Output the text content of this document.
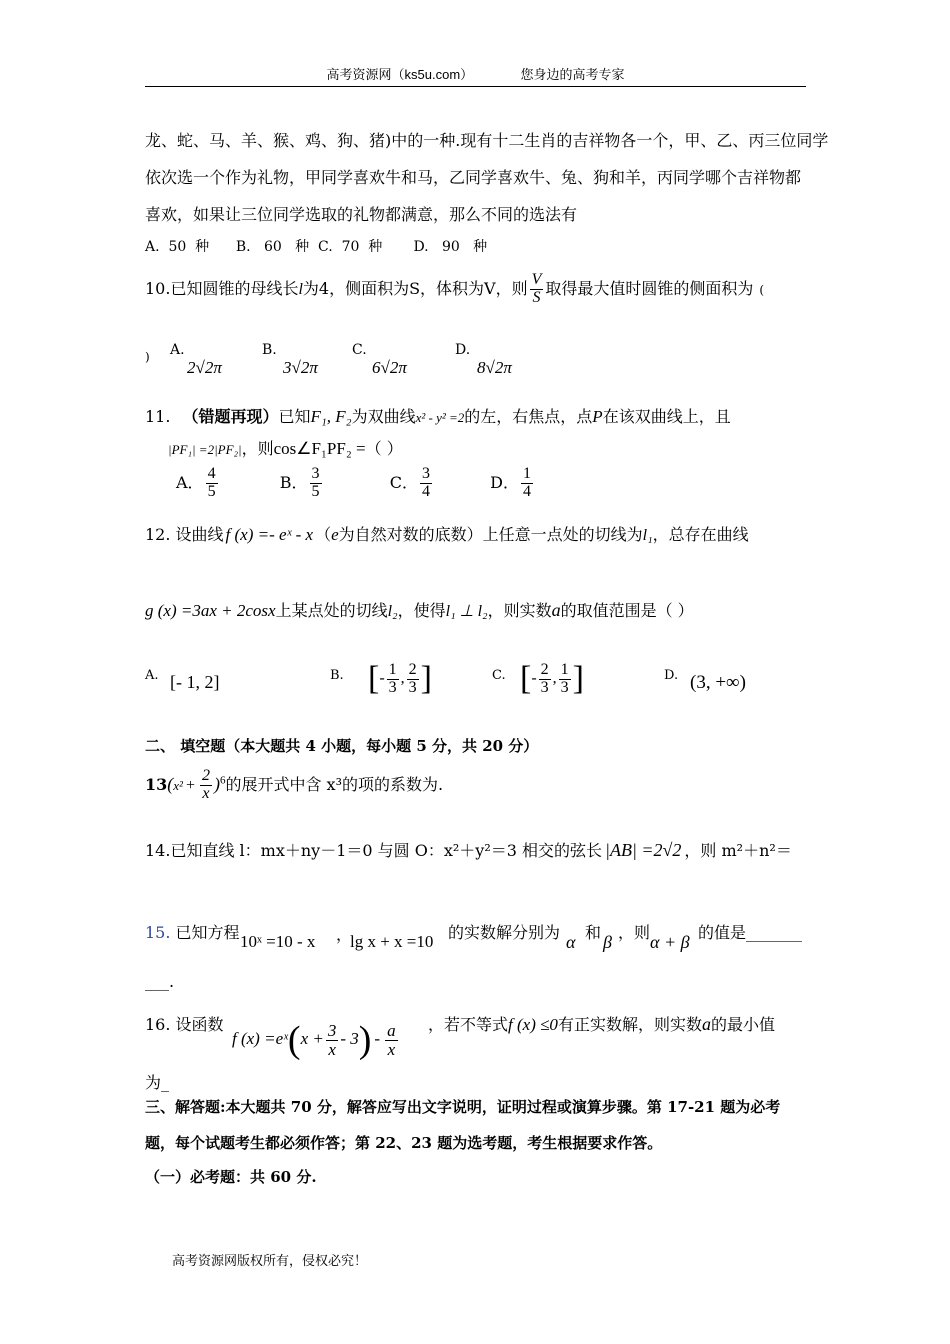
高考资源网（ks5u.com）	您身边的高考专家
龙、蛇、马、羊、猴、鸡、狗、猪)中的一种.现有十二生肖的吉祥物各一个，甲、乙、丙三位同学
依次选一个作为礼物，甲同学喜欢牛和马，乙同学喜欢牛、兔、狗和羊，丙同学哪个吉祥物都
喜欢，如果让三位同学选取的礼物都满意，那么不同的选法有
A.  50  种      B.   60   种  C.  70  种       D.   90   种
10.已知圆锥的母线长l为4，侧面积为S，体积为V，则 $\frac{V}{S}$ 取得最大值时圆锥的侧面积为 (
) A.
2√2π
B.
3√2π
C.
6√2π
D.
8√2π
11. （错题再现）已知F₁, F₂为双曲线x² - y² =2的左，右焦点，点P在该双曲线上，且
|PF₁| =2|PF₂|，则cos∠F₁PF₂ =（ ）
A． $\frac{4}{5}$	B． $\frac{3}{5}$	C． $\frac{3}{4}$	D． $\frac{1}{4}$
12. 设曲线 f (x) =- eˣ - x （e为自然对数的底数）上任意一点处的切线为l₁，总存在曲线
g (x) =3ax + 2cosx上某点处的切线l₂，使得l₁ ⊥ l₂，则实数a的取值范围是（ ）
A. [- 1, 2]	B. [- $\frac{1}{3}$ , $\frac{2}{3}$ ]	C. [- $\frac{2}{3}$ , $\frac{1}{3}$ ]	D. (3, +∞)
二、 填空题（本大题共 4 小题，每小题 5 分，共 20 分）
$13(x^2 + \frac{2}{x} )^6$的展开式中含 x³的项的系数为.
14.已知直线 l：mx＋ny－1＝0 与圆 O：x²＋y²＝3 相交的弦长 |AB| =2√2 ，则 m²＋n²＝
15. 已知方程 10ˣ =10 - x ，
lg x + x =10 的实数解分别为 α 和 β ，则 α + β 的值是_______
___.
16. 设函数
f (x) =eˣ(x + $\frac{3}{x} - 3) - \frac{a}{x}$ ，若不等式f (x) ≤0有正实数解，则实数a的最小值
为_
三、解答题:本大题共 70 分，解答应写出文字说明，证明过程或演算步骤。第 17-21 题为必考
题，每个试题考生都必须作答；第 22、23 题为选考题，考生根据要求作答。
（一）必考题：共 60 分.
高考资源网版权所有，侵权必究！
